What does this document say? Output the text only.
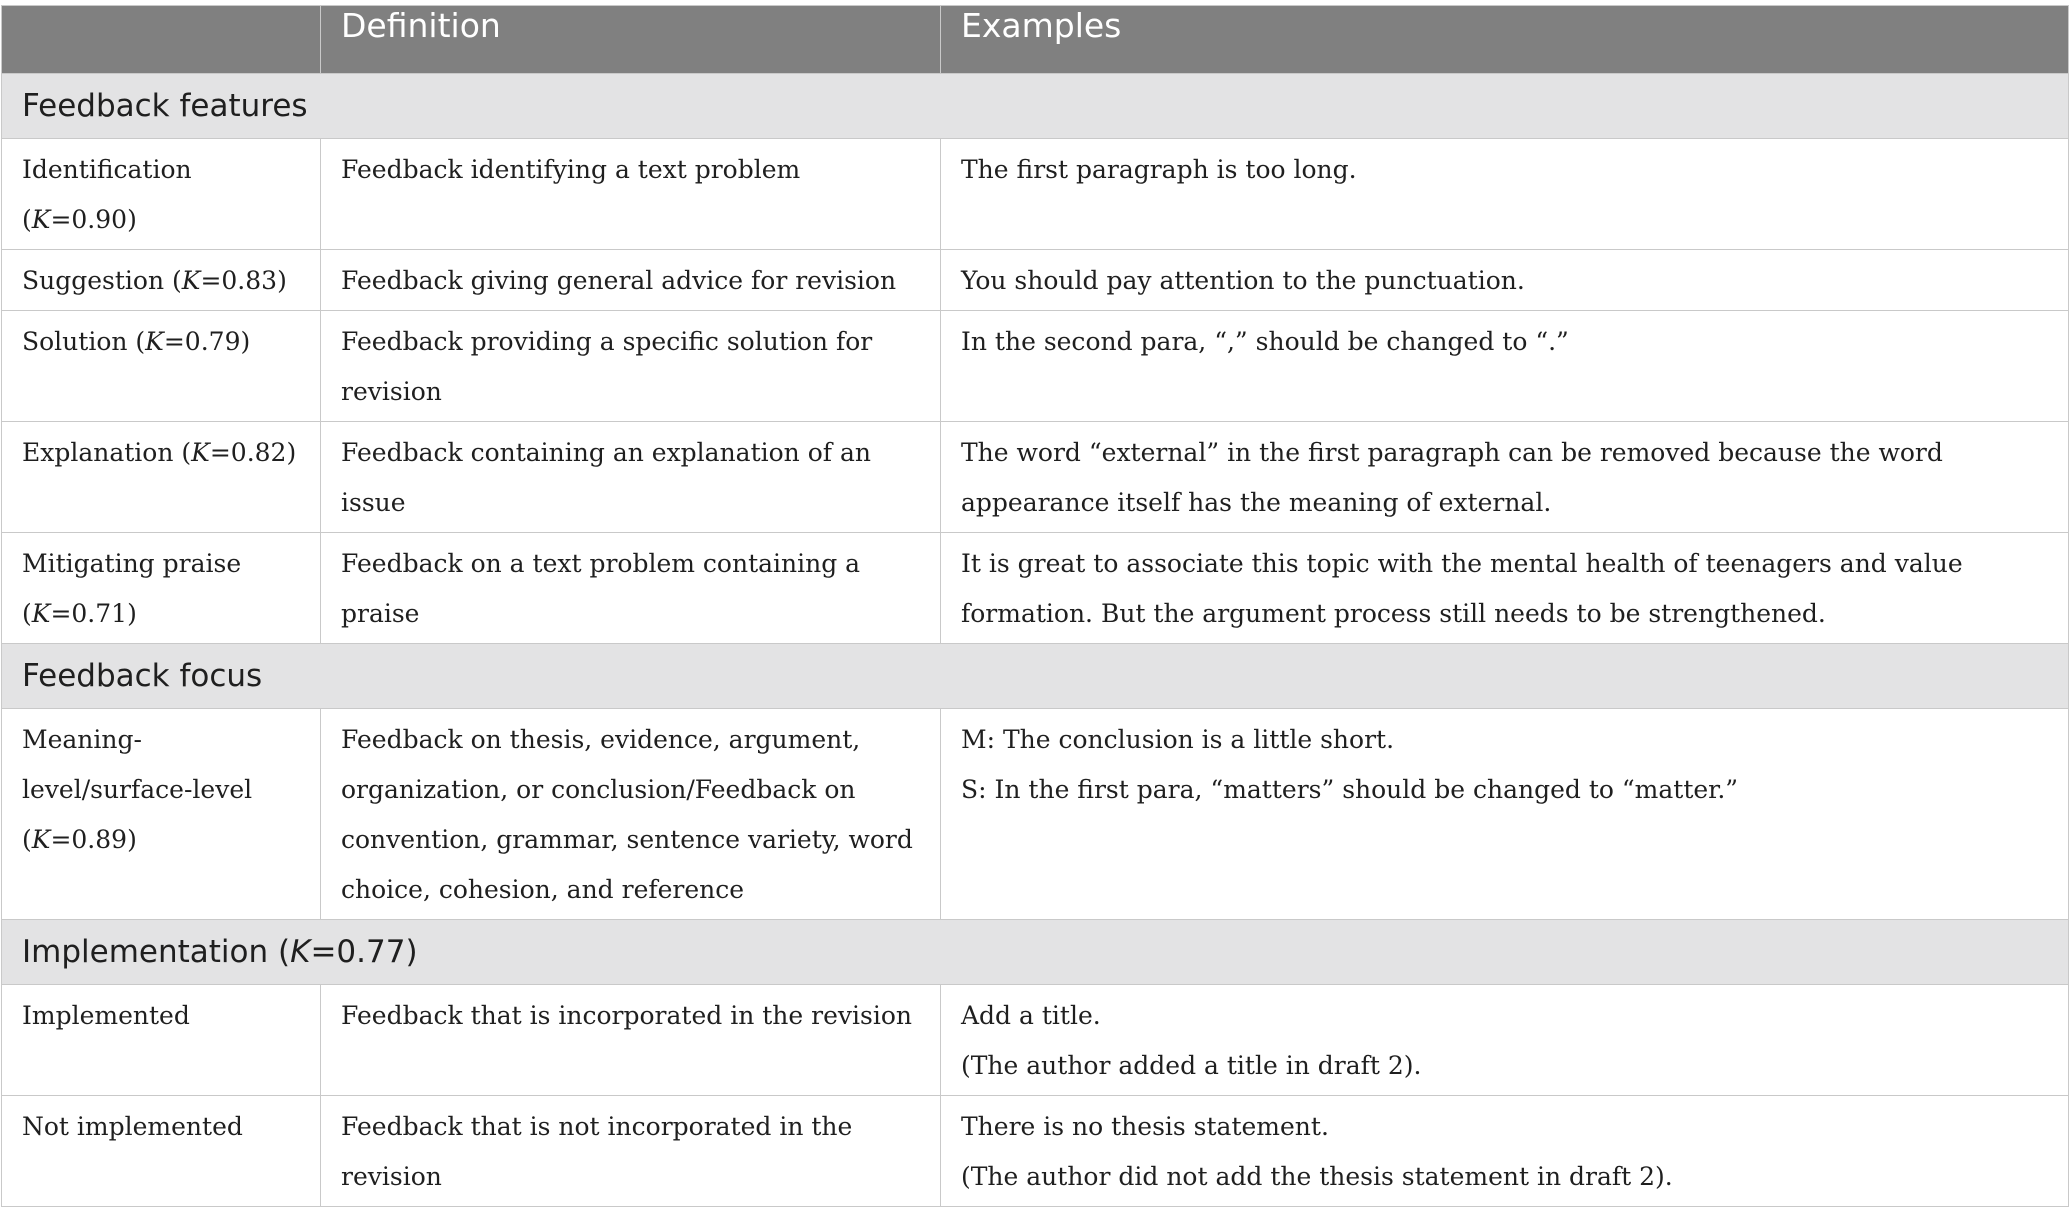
	Definition	Examples
Feedback features		
Identification (K=0.90)	Feedback identifying a text problem	The first paragraph is too long.
Suggestion (K=0.83)	Feedback giving general advice for revision	You should pay attention to the punctuation.
Solution (K=0.79)	Feedback providing a specific solution for revision	In the second para, “,” should be changed to “.”
Explanation (K=0.82)	Feedback containing an explanation of an issue	The word “external” in the first paragraph can be removed because the word appearance itself has the meaning of external.
Mitigating praise (K=0.71)	Feedback on a text problem containing a praise	It is great to associate this topic with the mental health of teenagers and value formation. But the argument process still needs to be strengthened.
Feedback focus		
Meaning-level/surface-level (K=0.89)	Feedback on thesis, evidence, argument, organization, or conclusion/Feedback on convention, grammar, sentence variety, word choice, cohesion, and reference	M: The conclusion is a little short.
S: In the first para, “matters” should be changed to “matter.”

Implementation (K=0.77)		
Implemented	Feedback that is incorporated in the revision	Add a title.
(The author added a title in draft 2).

Not implemented	Feedback that is not incorporated in the revision	There is no thesis statement.
(The author did not add the thesis statement in draft 2).
